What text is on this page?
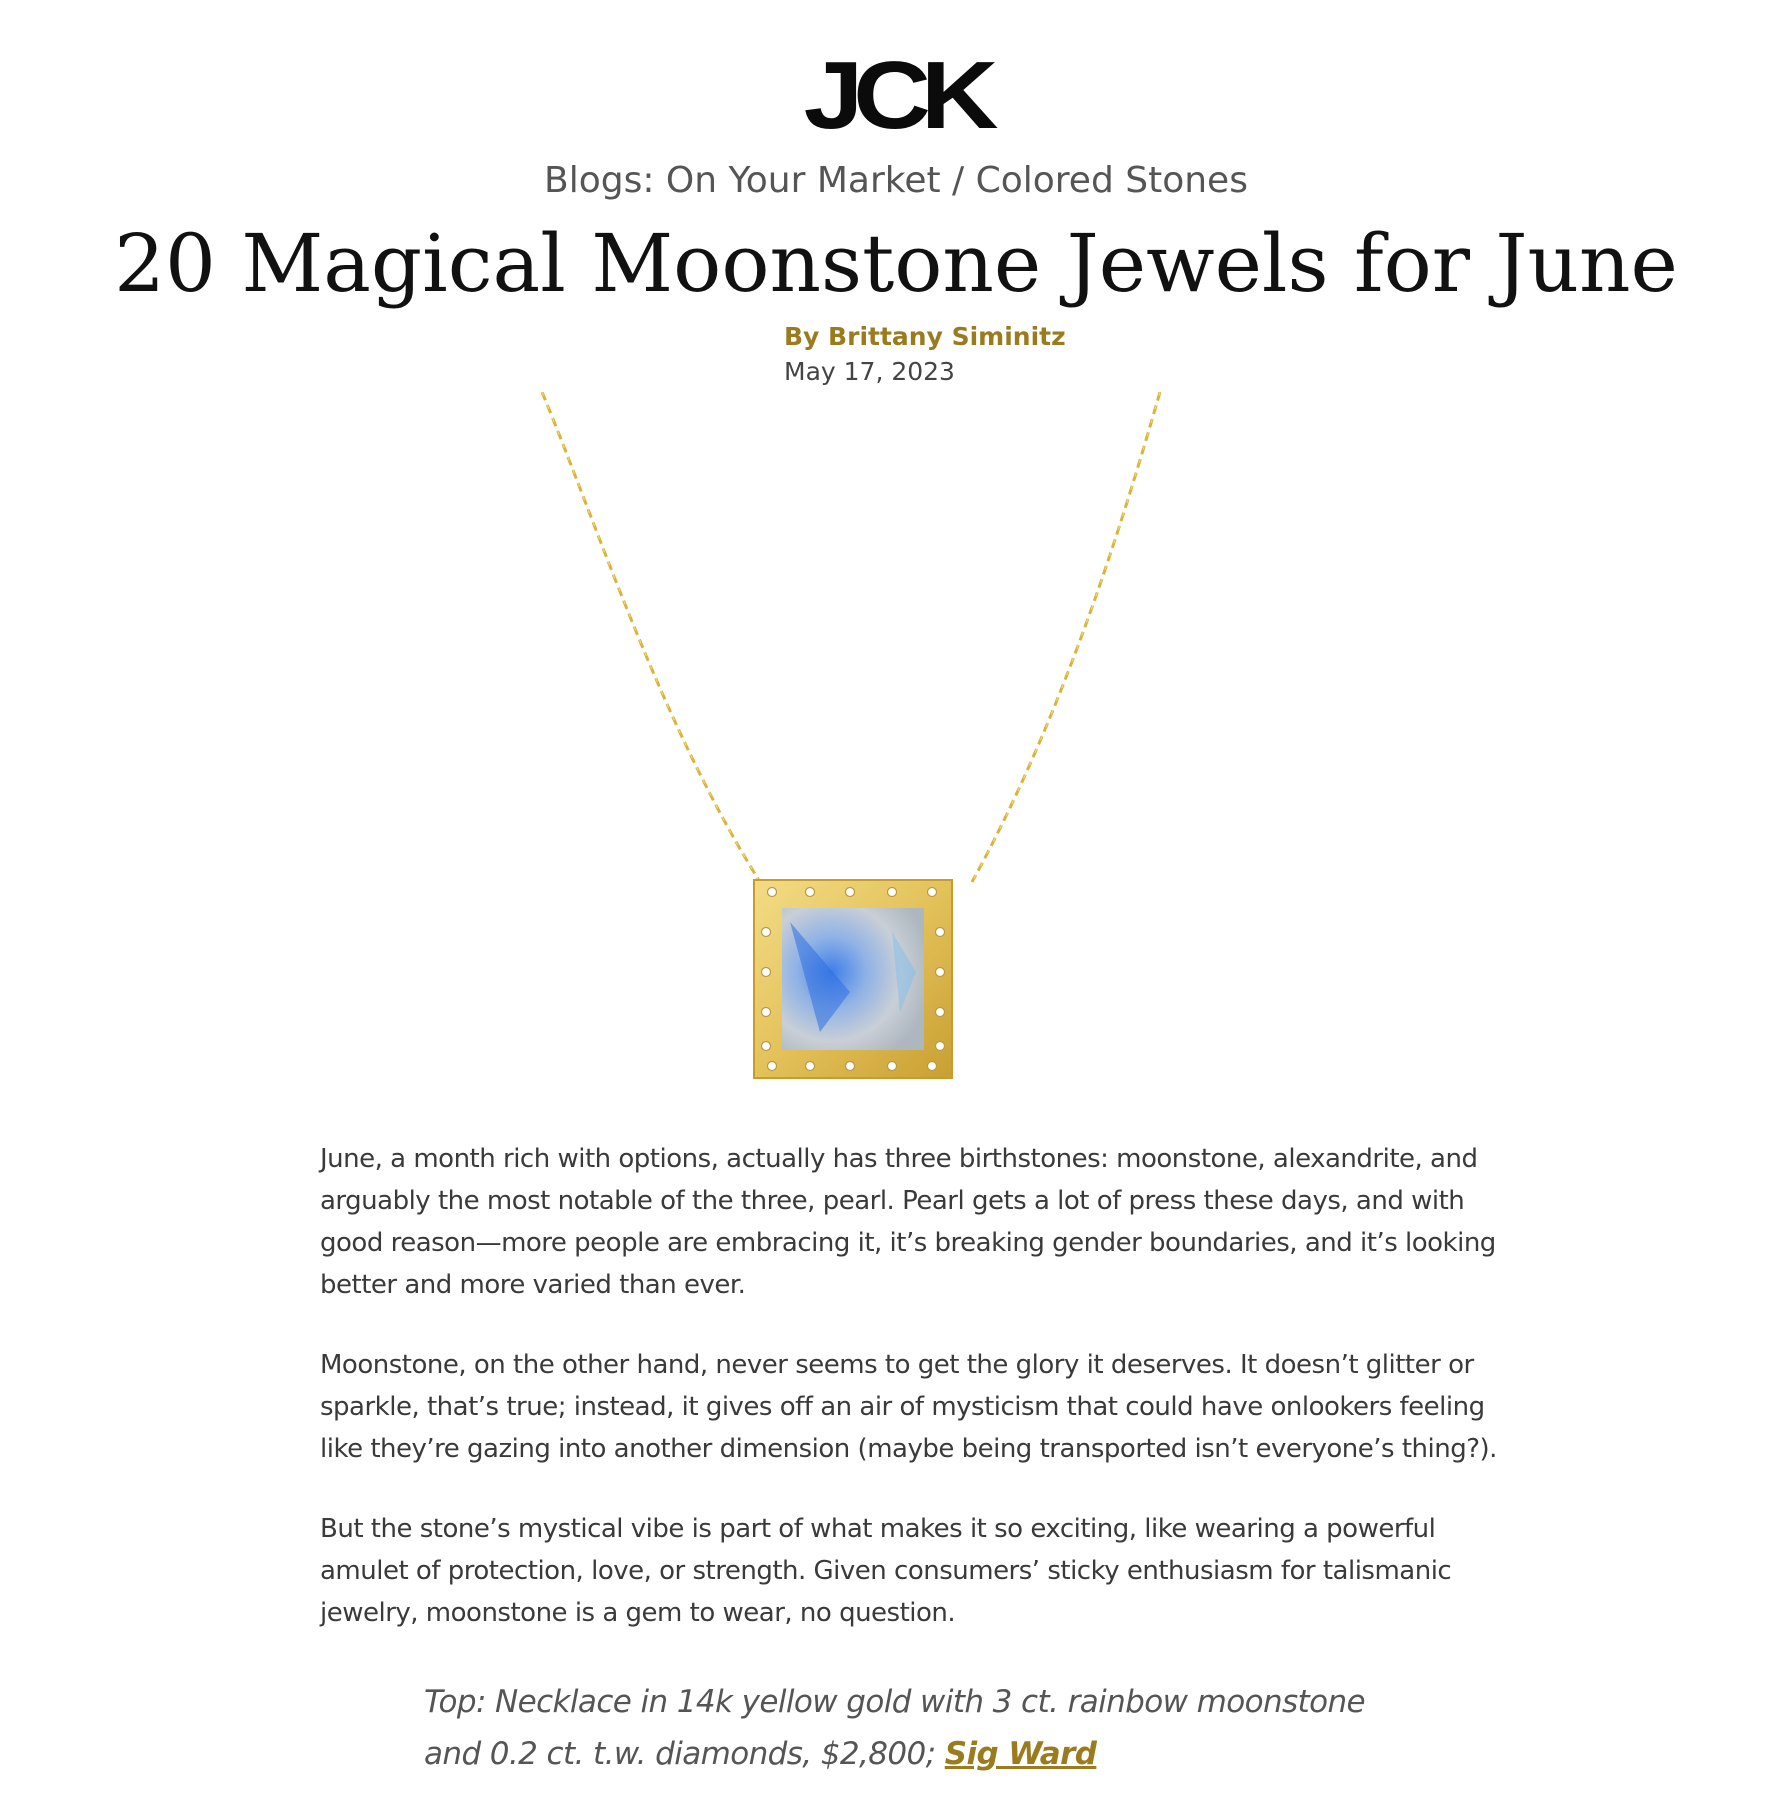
JCK
Blogs: On Your Market / Colored Stones
20 Magical Moonstone Jewels for June
By Brittany Siminitz
May 17, 2023

June, a month rich with options, actually has three birthstones: moonstone, alexandrite, and arguably the most notable of the three, pearl. Pearl gets a lot of press these days, and with good reason—more people are embracing it, it’s breaking gender boundaries, and it’s looking better and more varied than ever.

Moonstone, on the other hand, never seems to get the glory it deserves. It doesn’t glitter or sparkle, that’s true; instead, it gives off an air of mysticism that could have onlookers feeling like they’re gazing into another dimension (maybe being transported isn’t everyone’s thing?).

But the stone’s mystical vibe is part of what makes it so exciting, like wearing a powerful amulet of protection, love, or strength. Given consumers’ sticky enthusiasm for talismanic jewelry, moonstone is a gem to wear, no question.

Top: Necklace in 14k yellow gold with 3 ct. rainbow moonstone and 0.2 ct. t.w. diamonds, $2,800; Sig Ward
